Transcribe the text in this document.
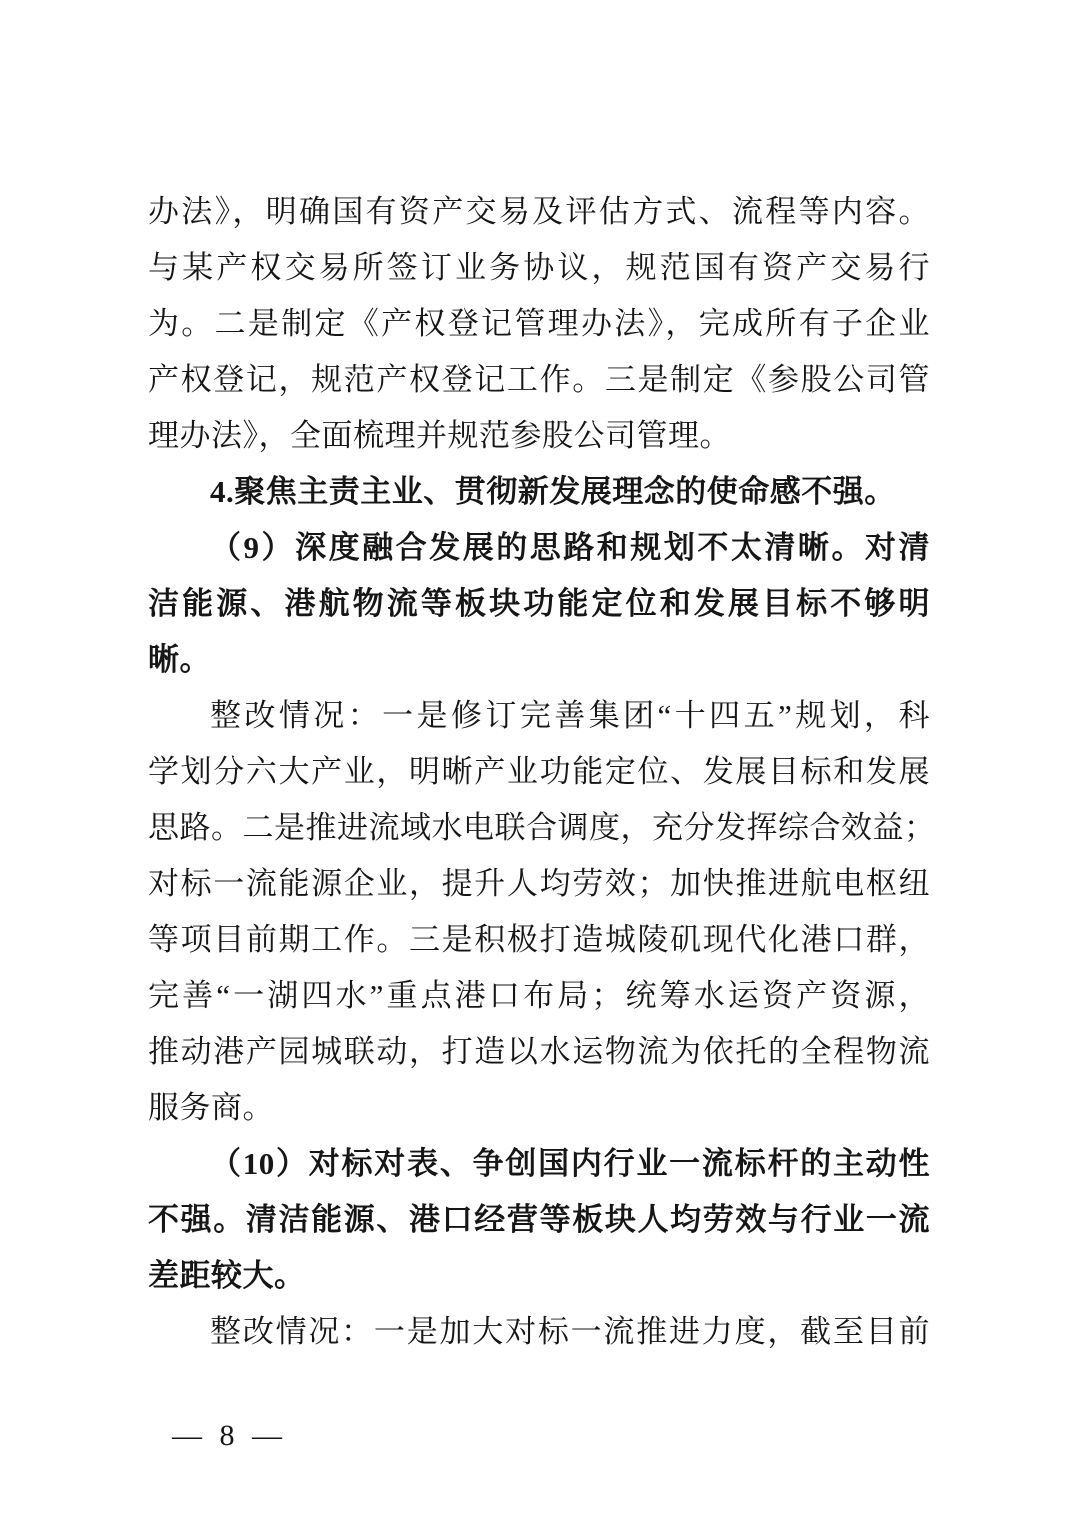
办法》，明确国有资产交易及评估方式、流程等内容。
与某产权交易所签订业务协议，规范国有资产交易行
为。二是制定《产权登记管理办法》，完成所有子企业
产权登记，规范产权登记工作。三是制定《参股公司管
理办法》，全面梳理并规范参股公司管理。
4.聚焦主责主业、贯彻新发展理念的使命感不强。
（9）深度融合发展的思路和规划不太清晰。对清
洁能源、港航物流等板块功能定位和发展目标不够明
晰。
整改情况：一是修订完善集团“十四五”规划，科
学划分六大产业，明晰产业功能定位、发展目标和发展
思路。二是推进流域水电联合调度，充分发挥综合效益；
对标一流能源企业，提升人均劳效；加快推进航电枢纽
等项目前期工作。三是积极打造城陵矶现代化港口群，
完善“一湖四水”重点港口布局；统筹水运资产资源，
推动港产园城联动，打造以水运物流为依托的全程物流
服务商。
（10）对标对表、争创国内行业一流标杆的主动性
不强。清洁能源、港口经营等板块人均劳效与行业一流
差距较大。
整改情况：一是加大对标一流推进力度，截至目前
— 8 —
